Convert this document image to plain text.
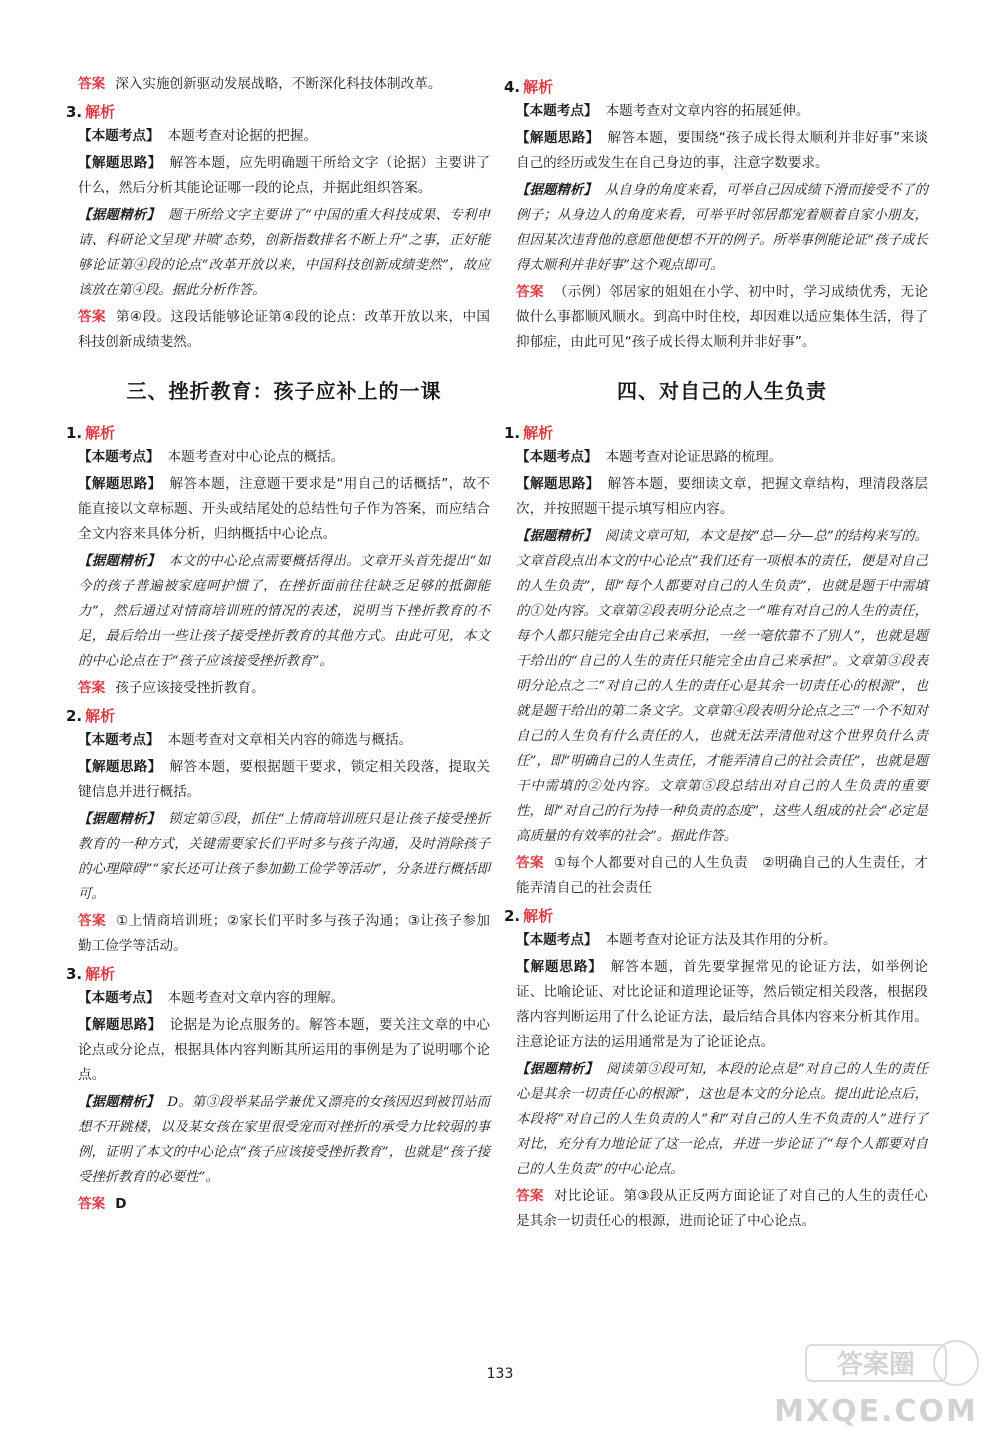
答案 深入实施创新驱动发展战略，不断深化科技体制改革。

3. 解析

【本题考点】 本题考查对论据的把握。

【解题思路】 解答本题，应先明确题干所给文字（论据）主要讲了什么，然后分析其能论证哪一段的论点，并据此组织答案。

【据题精析】 题干所给文字主要讲了“中国的重大科技成果、专利申请、科研论文呈现‘井喷’态势，创新指数排名不断上升”之事，正好能够论证第④段的论点“改革开放以来，中国科技创新成绩斐然”，故应该放在第④段。据此分析作答。

答案 第④段。这段话能够论证第④段的论点：改革开放以来，中国科技创新成绩斐然。

三、挫折教育：孩子应补上的一课
1. 解析

【本题考点】 本题考查对中心论点的概括。

【解题思路】 解答本题，注意题干要求是“用自己的话概括”，故不能直接以文章标题、开头或结尾处的总结性句子作为答案，而应结合全文内容来具体分析，归纳概括中心论点。

【据题精析】 本文的中心论点需要概括得出。文章开头首先提出“如今的孩子普遍被家庭呵护惯了，在挫折面前往往缺乏足够的抵御能力”，然后通过对情商培训班的情况的表述，说明当下挫折教育的不足，最后给出一些让孩子接受挫折教育的其他方式。由此可见，本文的中心论点在于“孩子应该接受挫折教育”。

答案 孩子应该接受挫折教育。

2. 解析

【本题考点】 本题考查对文章相关内容的筛选与概括。

【解题思路】 解答本题，要根据题干要求，锁定相关段落，提取关键信息并进行概括。

【据题精析】 锁定第⑤段，抓住“上情商培训班只是让孩子接受挫折教育的一种方式，关键需要家长们平时多与孩子沟通，及时消除孩子的心理障碍”“家长还可让孩子参加勤工俭学等活动”，分条进行概括即可。

答案 ①上情商培训班；②家长们平时多与孩子沟通；③让孩子参加勤工俭学等活动。

3. 解析

【本题考点】 本题考查对文章内容的理解。

【解题思路】 论据是为论点服务的。解答本题，要关注文章的中心论点或分论点，根据具体内容判断其所运用的事例是为了说明哪个论点。

【据题精析】 D。第③段举某品学兼优又漂亮的女孩因迟到被罚站而想不开跳楼，以及某女孩在家里很受宠而对挫折的承受力比较弱的事例，证明了本文的中心论点“孩子应该接受挫折教育”，也就是“孩子接受挫折教育的必要性”。

答案 D

4. 解析

【本题考点】 本题考查对文章内容的拓展延伸。

【解题思路】 解答本题，要围绕“孩子成长得太顺利并非好事”来谈自己的经历或发生在自己身边的事，注意字数要求。

【据题精析】 从自身的角度来看，可举自己因成绩下滑而接受不了的例子；从身边人的角度来看，可举平时邻居都宠着顺着自家小朋友，但因某次违背他的意愿他便想不开的例子。所举事例能论证“孩子成长得太顺利并非好事”这个观点即可。

答案 （示例）邻居家的姐姐在小学、初中时，学习成绩优秀，无论做什么事都顺风顺水。到高中时住校，却因难以适应集体生活，得了抑郁症，由此可见“孩子成长得太顺利并非好事”。

四、对自己的人生负责
1. 解析

【本题考点】 本题考查对论证思路的梳理。

【解题思路】 解答本题，要细读文章，把握文章结构，理清段落层次，并按照题干提示填写相应内容。

【据题精析】 阅读文章可知，本文是按“总—分—总”的结构来写的。文章首段点出本文的中心论点“我们还有一项根本的责任，便是对自己的人生负责”，即“每个人都要对自己的人生负责”，也就是题干中需填的①处内容。文章第②段表明分论点之一“唯有对自己的人生的责任，每个人都只能完全由自己来承担，一丝一毫依靠不了别人”，也就是题干给出的“自己的人生的责任只能完全由自己来承担”。文章第③段表明分论点之二“对自己的人生的责任心是其余一切责任心的根源”，也就是题干给出的第二条文字。文章第④段表明分论点之三“一个不知对自己的人生负有什么责任的人，也就无法弄清他对这个世界负什么责任”，即“明确自己的人生责任，才能弄清自己的社会责任”，也就是题干中需填的②处内容。文章第⑤段总结出对自己的人生负责的重要性，即“对自己的行为持一种负责的态度”，这些人组成的社会“必定是高质量的有效率的社会”。据此作答。

答案 ①每个人都要对自己的人生负责　②明确自己的人生责任，才能弄清自己的社会责任

2. 解析

【本题考点】 本题考查对论证方法及其作用的分析。

【解题思路】 解答本题，首先要掌握常见的论证方法，如举例论证、比喻论证、对比论证和道理论证等，然后锁定相关段落，根据段落内容判断运用了什么论证方法，最后结合具体内容来分析其作用。注意论证方法的运用通常是为了论证论点。

【据题精析】 阅读第③段可知，本段的论点是“对自己的人生的责任心是其余一切责任心的根源”，这也是本文的分论点。提出此论点后，本段将“对自己的人生负责的人”和“对自己的人生不负责的人”进行了对比，充分有力地论证了这一论点，并进一步论证了“每个人都要对自己的人生负责”的中心论点。

答案 对比论证。第③段从正反两方面论证了对自己的人生的责任心是其余一切责任心的根源，进而论证了中心论点。

133	答案圈
MXQE.COM
